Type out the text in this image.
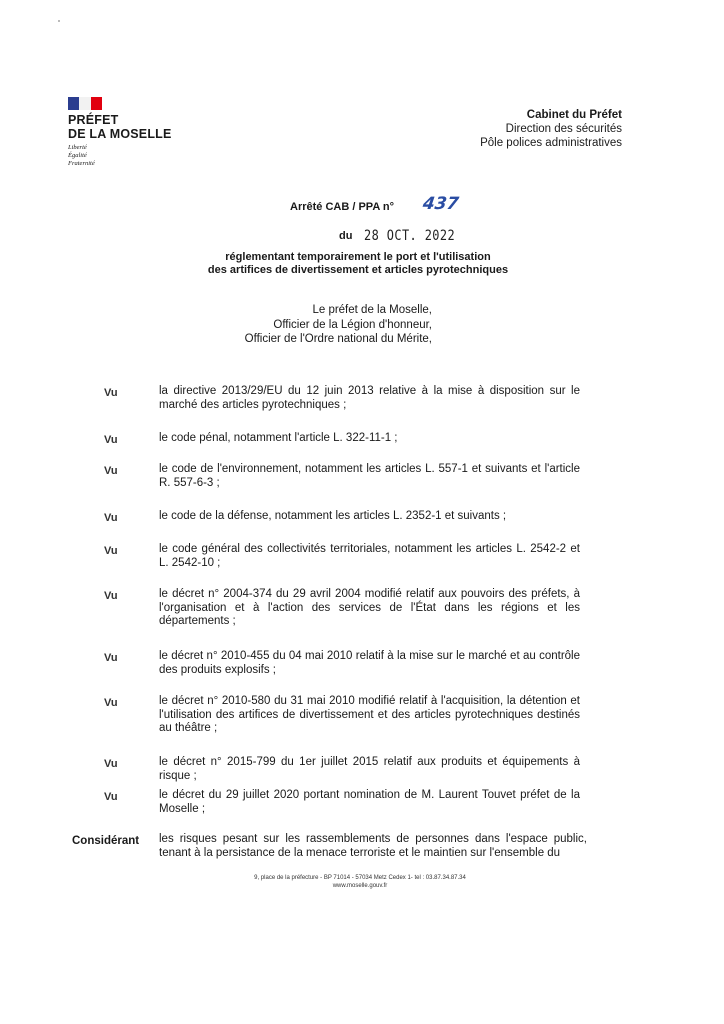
PRÉFET
DE LA MOSELLE
Liberté
Égalité
Fraternité
Cabinet du Préfet
Direction des sécurités
Pôle polices administratives
Arrêté CAB / PPA n° 437
du 28 OCT. 2022
réglementant temporairement le port et l'utilisation
des artifices de divertissement et articles pyrotechniques
Le préfet de la Moselle,
Officier de la Légion d'honneur,
Officier de l'Ordre national du Mérite,
Vu	la directive 2013/29/EU du 12 juin 2013 relative à la mise à disposition sur le marché des articles pyrotechniques ;
Vu	le code pénal, notamment l'article L. 322-11-1 ;
Vu	le code de l'environnement, notamment les articles L. 557-1 et suivants et l'article R. 557-6-3 ;
Vu	le code de la défense, notamment les articles L. 2352-1 et suivants ;
Vu	le code général des collectivités territoriales, notamment les articles L. 2542-2 et L. 2542-10 ;
Vu	le décret n° 2004-374 du 29 avril 2004 modifié relatif aux pouvoirs des préfets, à l'organisation et à l'action des services de l'État dans les régions et les départements ;
Vu	le décret n° 2010-455 du 04 mai 2010 relatif à la mise sur le marché et au contrôle des produits explosifs ;
Vu	le décret n° 2010-580 du 31 mai 2010 modifié relatif à l'acquisition, la détention et l'utilisation des artifices de divertissement et des articles pyrotechniques destinés au théâtre ;
Vu	le décret n° 2015-799 du 1er juillet 2015 relatif aux produits et équipements à risque ;
Vu	le décret du 29 juillet 2020 portant nomination de M. Laurent Touvet préfet de la Moselle ;
Considérant les risques pesant sur les rassemblements de personnes dans l'espace public, tenant à la persistance de la menace terroriste et le maintien sur l'ensemble du
9, place de la préfecture - BP 71014 - 57034 Metz Cedex 1- tel : 03.87.34.87.34
www.moselle.gouv.fr
